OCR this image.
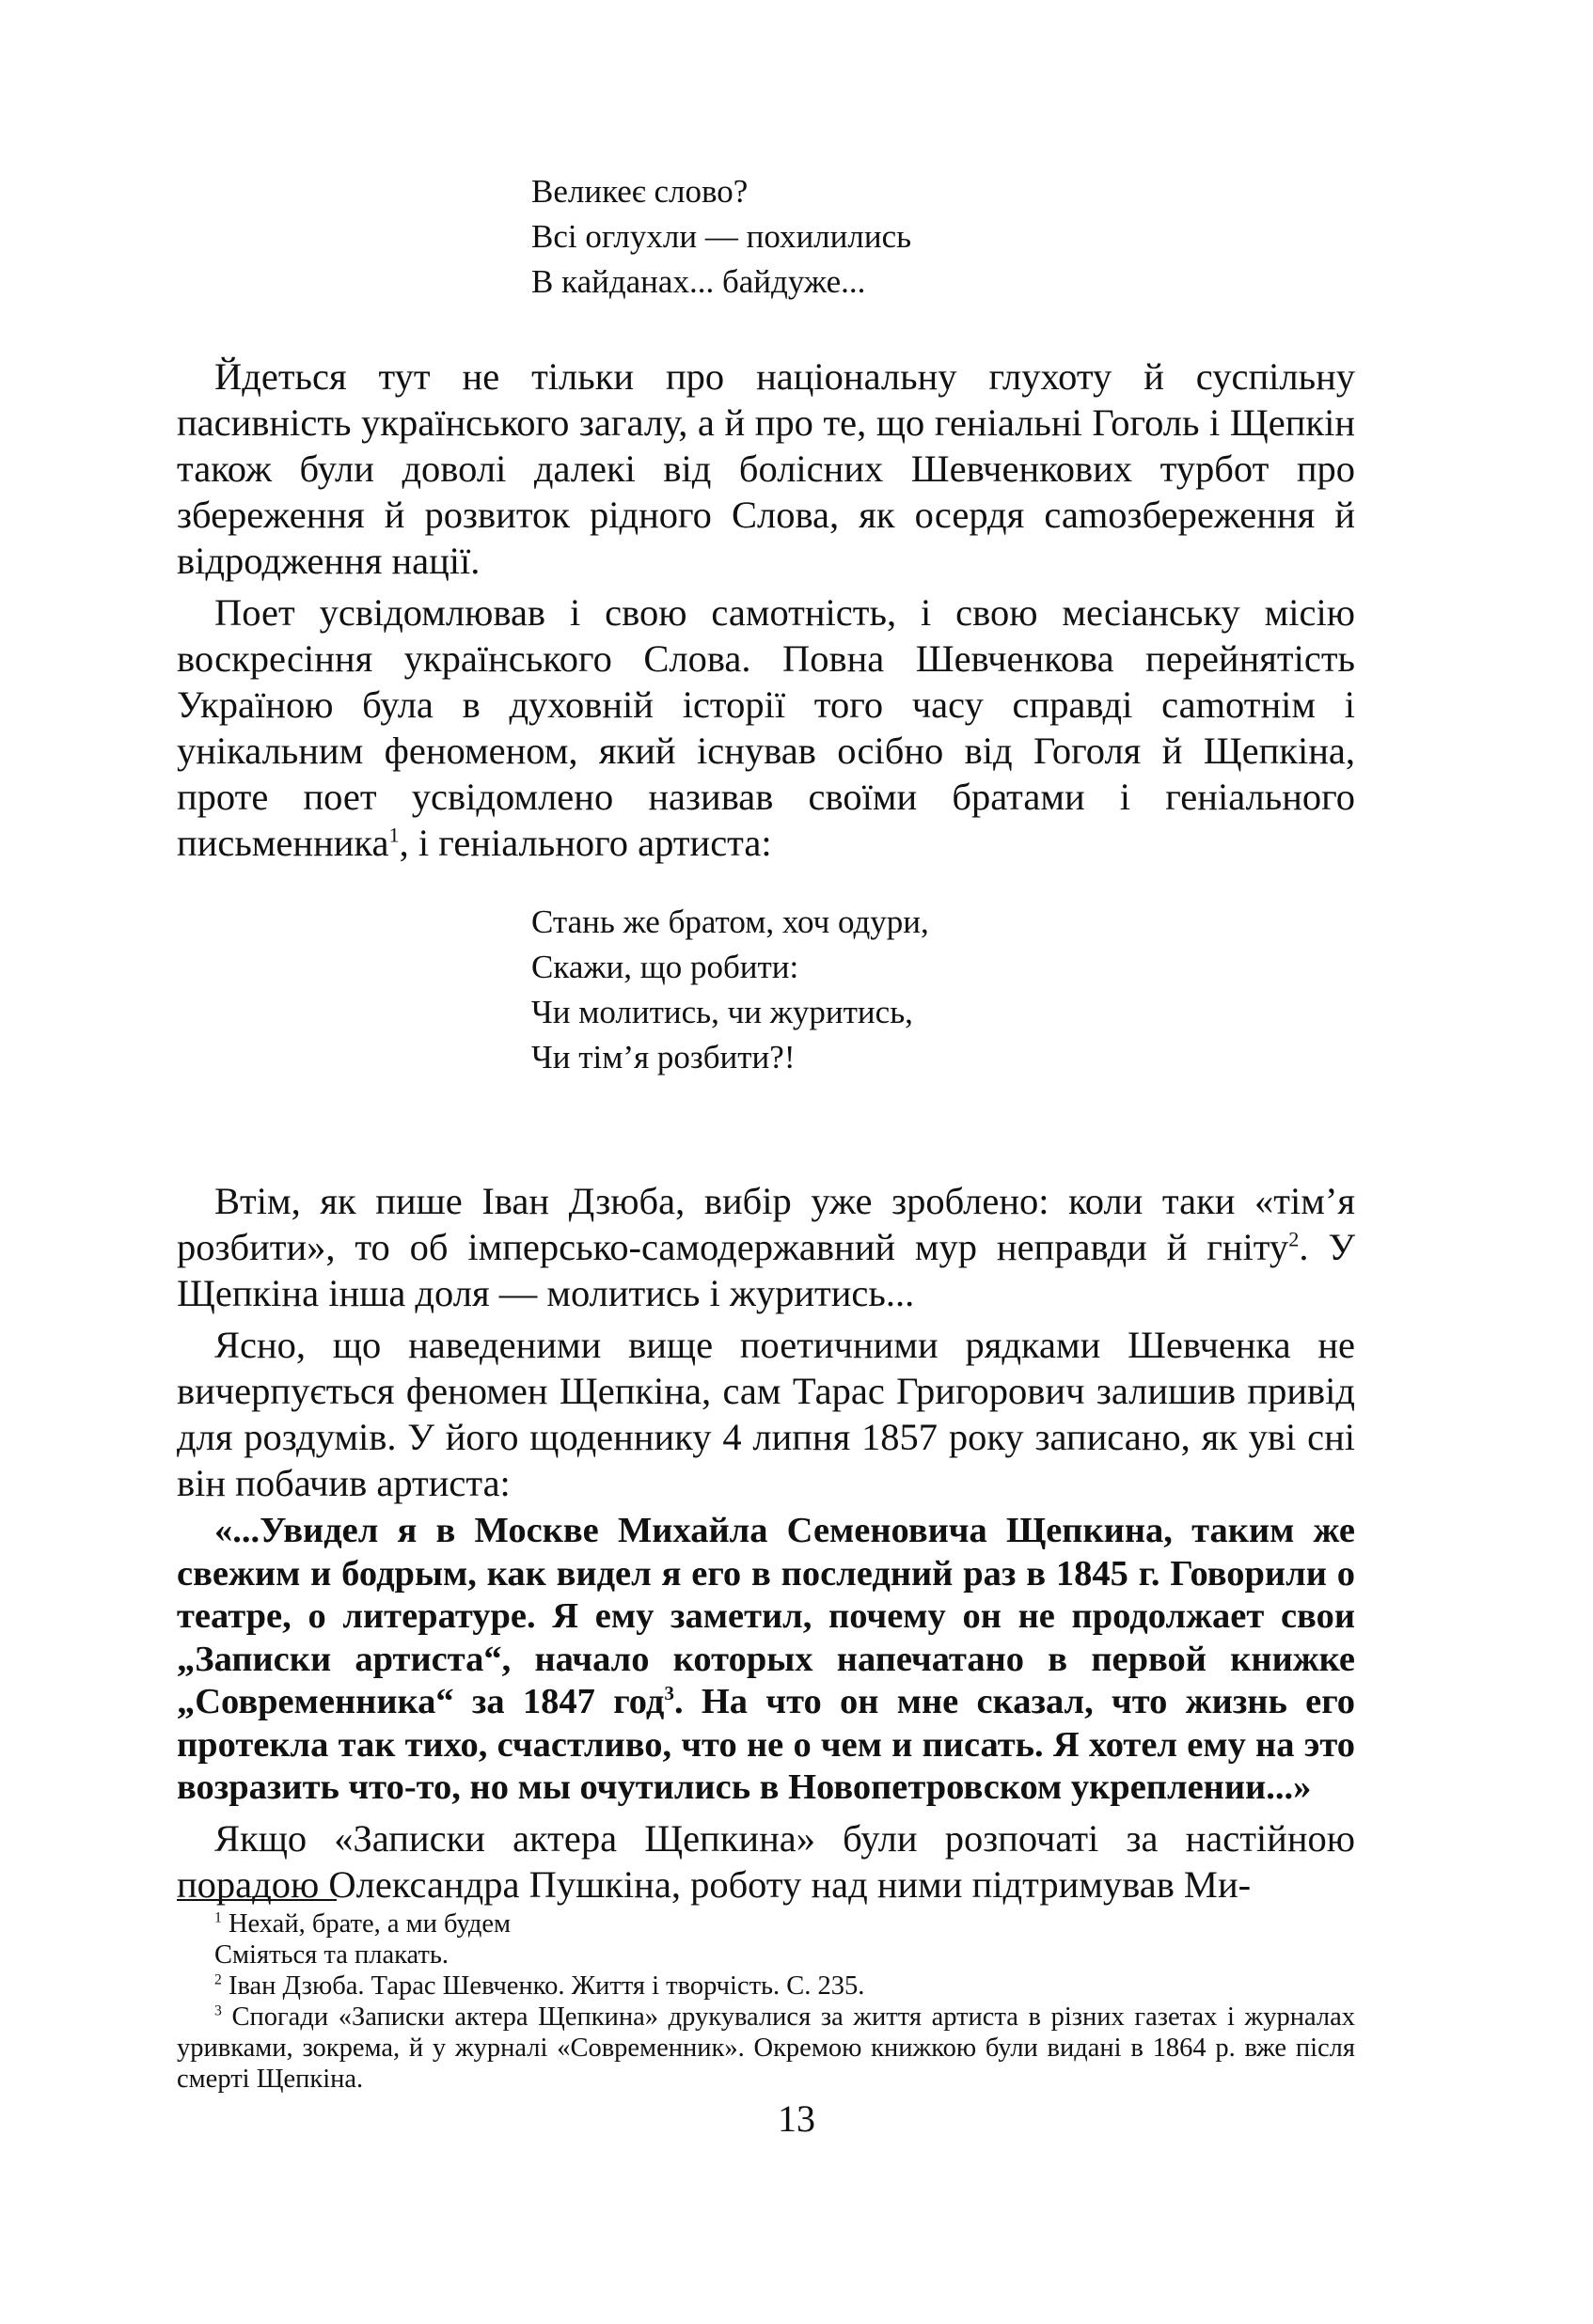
Великеє слово?
Всі оглухли — похилились
В кайданах... байдуже...

Йдеться тут не тільки про національну глухоту й суспільну пасивність українського загалу, а й про те, що геніальні Гоголь і Щепкін також були доволі далекі від болісних Шевченкових турбот про збереження й розвиток рідного Слова, як осердя саmозбереження й відродження нації.

Поет усвідомлював і свою самотність, і свою месіанську місію воскресіння українського Слова. Повна Шевченкова перейнятість Україною була в духовній історії того часу справді саmотнім і унікальним феноменом, який існував осібно від Гоголя й Щепкіна, проте поет усвідомлено називав своїми братами і геніального письменника$^1$, і геніального артиста:

Стань же братом, хоч одури,
Скажи, що робити:
Чи молитись, чи журитись,
Чи тім’я розбити?!

Втім, як пише Іван Дзюба, вибір уже зроблено: коли таки «тім’я розбити», то об імперсько-самодержавний мур неправди й гніту$^2$. У Щепкіна інша доля — молитись і журитись...

Ясно, що наведеними вище поетичними рядками Шевченка не вичерпується феномен Щепкіна, сам Тарас Григорович залишив привід для роздумів. У його щоденнику 4 липня 1857 року записано, як уві сні він побачив артиста:

«...Увидел я в Москве Михайла Семеновича Щепкина, таким же свежим и бодрым, как видел я его в последний раз в 1845 г. Говорили о театре, о литературе. Я ему заметил, почему он не продолжает свои „Записки артиста“, начало которых напечатано в первой книжке „Современника“ за 1847 год$^3$. На что он мне сказал, что жизнь его протекла так тихо, счастливо, что не о чем и писать. Я хотел ему на это возразить что-то, но мы очутились в Новопетровском укреплении...»

Якщо «Записки актера Щепкина» були розпочаті за настійною порадою Олександра Пушкіна, роботу над ними підтримував Ми-

$^1$ Нехай, брате, а ми будем

Сміяться та плакать.

$^2$ Іван Дзюба. Тарас Шевченко. Життя і творчість. С. 235.

$^3$ Спогади «Записки актера Щепкина» друкувалися за життя артиста в різних газетах і журналах уривками, зокрема, й у журналі «Современник». Окремою книжкою були видані в 1864 р. вже після смерті Щепкіна.

13
